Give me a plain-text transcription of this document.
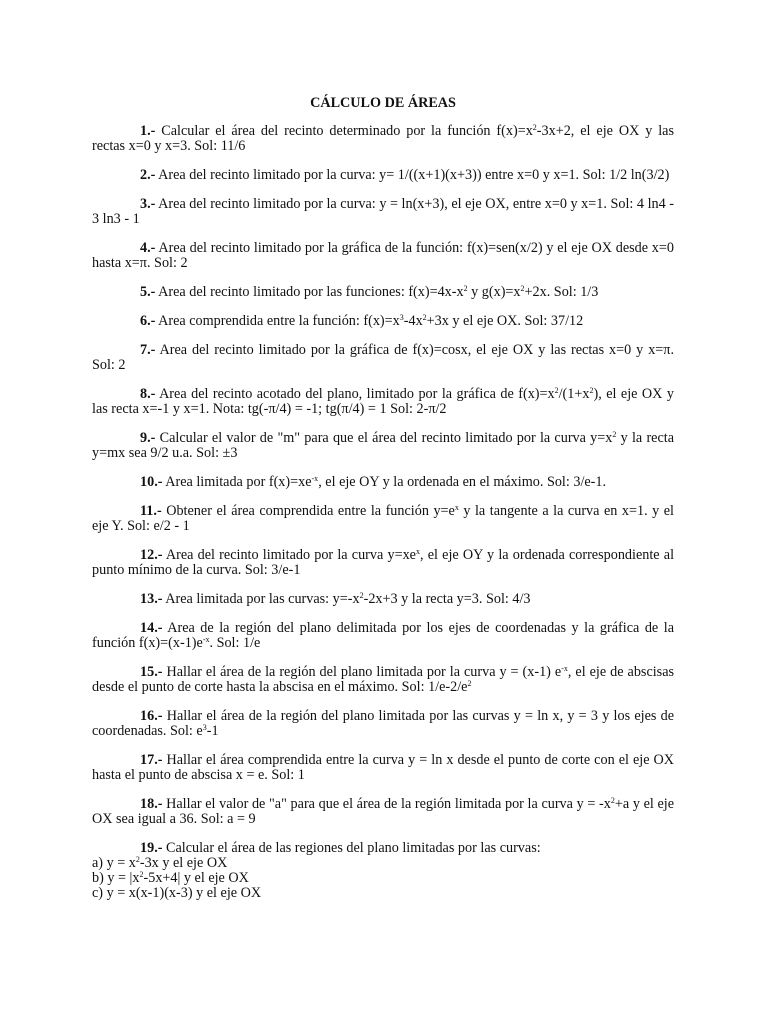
CÁLCULO DE ÁREAS
1.- Calcular el área del recinto determinado por la función $f(x)=x^2-3x+2$, el eje OX y las rectas x=0 y x=3. Sol: 11/6
2.- Area del recinto limitado por la curva: y= 1/((x+1)(x+3)) entre x=0 y x=1. Sol: 1/2 ln(3/2)
3.- Area del recinto limitado por la curva: y = ln(x+3), el eje OX, entre x=0 y x=1. Sol: 4 ln4 - 3 ln3 - 1
4.- Area del recinto limitado por la gráfica de la función: f(x)=sen(x/2) y el eje OX desde x=0 hasta x=π. Sol: 2
5.- Area del recinto limitado por las funciones: $f(x)=4x-x^2$ y $g(x)=x^2+2x$. Sol: 1/3
6.- Area comprendida entre la función: $f(x)=x^3-4x^2+3x$ y el eje OX. Sol: 37/12
7.- Area del recinto limitado por la gráfica de f(x)=cosx, el eje OX y las rectas x=0 y x=π. Sol: 2
8.- Area del recinto acotado del plano, limitado por la gráfica de $f(x)=x^2/(1+x^2)$, el eje OX y las recta x=-1 y x=1. Nota: tg(-π/4) = -1; tg(π/4) = 1 Sol: 2-π/2
9.- Calcular el valor de "m" para que el área del recinto limitado por la curva $y=x^2$ y la recta y=mx sea 9/2 u.a. Sol: ±3
10.- Area limitada por $f(x)=xe^{-x}$, el eje OY y la ordenada en el máximo. Sol: 3/e-1.
11.- Obtener el área comprendida entre la función $y=e^x$ y la tangente a la curva en x=1. y el eje Y. Sol: e/2 - 1
12.- Area del recinto limitado por la curva $y=xe^x$, el eje OY y la ordenada correspondiente al punto mínimo de la curva. Sol: 3/e-1
13.- Area limitada por las curvas: $y=-x^2-2x+3$ y la recta y=3. Sol: 4/3
14.- Area de la región del plano delimitada por los ejes de coordenadas y la gráfica de la función $f(x)=(x-1)e^{-x}$. Sol: 1/e
15.- Hallar el área de la región del plano limitada por la curva y = (x-1) $e^{-x}$, el eje de abscisas desde el punto de corte hasta la abscisa en el máximo. Sol: $1/e-2/e^2$
16.- Hallar el área de la región del plano limitada por las curvas y = ln x, y = 3 y los ejes de coordenadas. Sol: $e^3-1$
17.- Hallar el área comprendida entre la curva y = ln x desde el punto de corte con el eje OX hasta el punto de abscisa x = e. Sol: 1
18.- Hallar el valor de "a" para que el área de la región limitada por la curva $y = -x^2+a$ y el eje OX sea igual a 36. Sol: a = 9
19.- Calcular el área de las regiones del plano limitadas por las curvas:
a) $y = x^2-3x$ y el eje OX
b) $y = |x^2-5x+4|$ y el eje OX
c) y = x(x-1)(x-3) y el eje OX
